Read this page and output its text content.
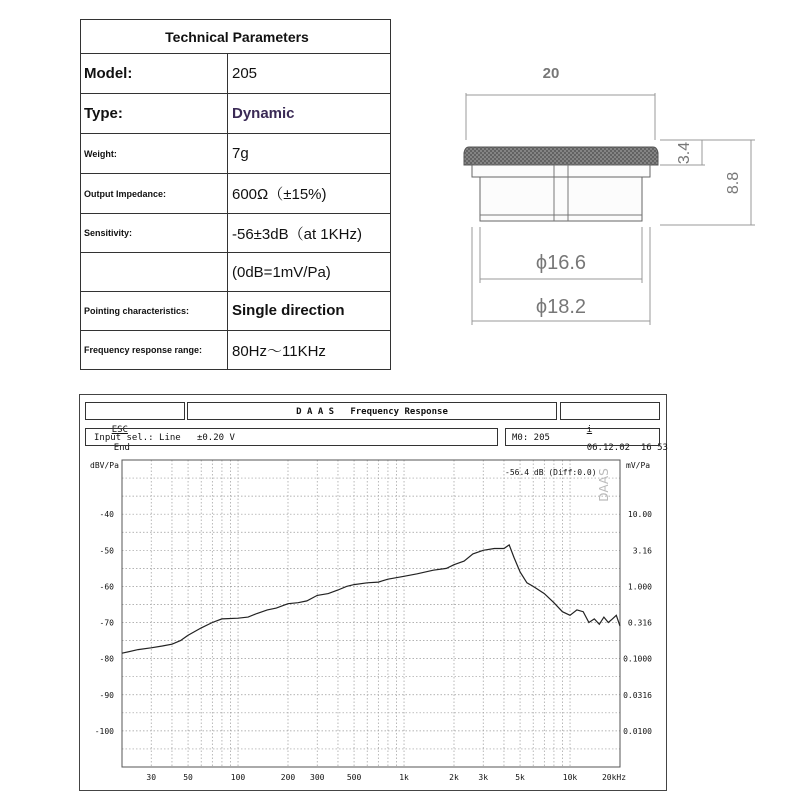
Technical Parameters	
Model:	205
Type:	Dynamic
Weight:	7g
Output Impedance:	600Ω（±15%)
Sensitivity:	-56±3dB（at 1KHz)
	(0dB=1mV/Pa)
Pointing characteristics:	Single direction
Frequency response range:	80Hz～11KHz
20
3.4
8.8
ϕ16.6
ϕ18.2

ESC
End

D A A S   Frequency Response

i
06.12.02  16 53

Input sel.: Line   ±0.20 V	M0: 205
dBV/Pa	mV/Pa
-56.4 dB (Diff:0.0) DAAS
-40
-50
-60
-70
-80
-90
-100
10.00
3.16
1.000
0.316
0.1000
0.0316
0.0100
30	50	100	200 300	500	1k	2k 3k	5k	10k	20kHz
